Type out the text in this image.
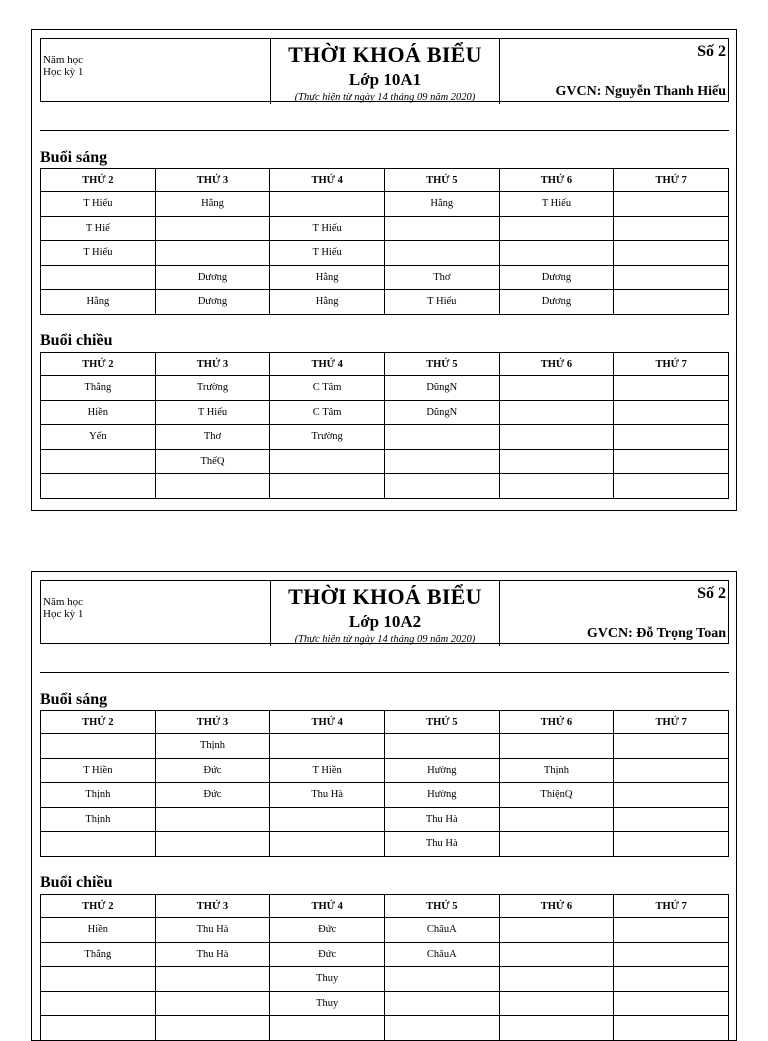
Năm học
Học kỳ 1
THỜI KHOÁ BIỂU
Lớp 10A1
(Thực hiện từ ngày 14 tháng 09 năm 2020)
Số 2
GVCN: Nguyễn Thanh Hiếu
Buổi sáng
THỨ 2	THỨ 3	THỨ 4	THỨ 5	THỨ 6	THỨ 7
T Hiếu	Hằng		Hằng	T Hiếu	
T Hiế		T Hiếu			
T Hiếu		T Hiếu			
	Dương	Hằng	Thơ	Dương	
Hằng	Dương	Hằng	T Hiếu	Dương	
Buổi chiều
THỨ 2	THỨ 3	THỨ 4	THỨ 5	THỨ 6	THỨ 7
Thắng	Trường	C Tâm	DũngN		
Hiền	T Hiếu	C Tâm	DũngN		
Yến	Thơ	Trường			
	ThếQ				

Năm học
Học kỳ 1
THỜI KHOÁ BIỂU
Lớp 10A2
(Thực hiện từ ngày 14 tháng 09 năm 2020)
Số 2
GVCN: Đỗ Trọng Toan
Buổi sáng
THỨ 2	THỨ 3	THỨ 4	THỨ 5	THỨ 6	THỨ 7
	Thịnh				
T Hiền	Đức	T Hiền	Hường	Thịnh	
Thịnh	Đức	Thu Hà	Hường	ThiệnQ	
Thịnh			Thu Hà		
			Thu Hà		
Buổi chiều
THỨ 2	THỨ 3	THỨ 4	THỨ 5	THỨ 6	THỨ 7
Hiền	Thu Hà	Đức	ChâuA		
Thắng	Thu Hà	Đức	ChâuA		
		Thuy			
		Thuy			
